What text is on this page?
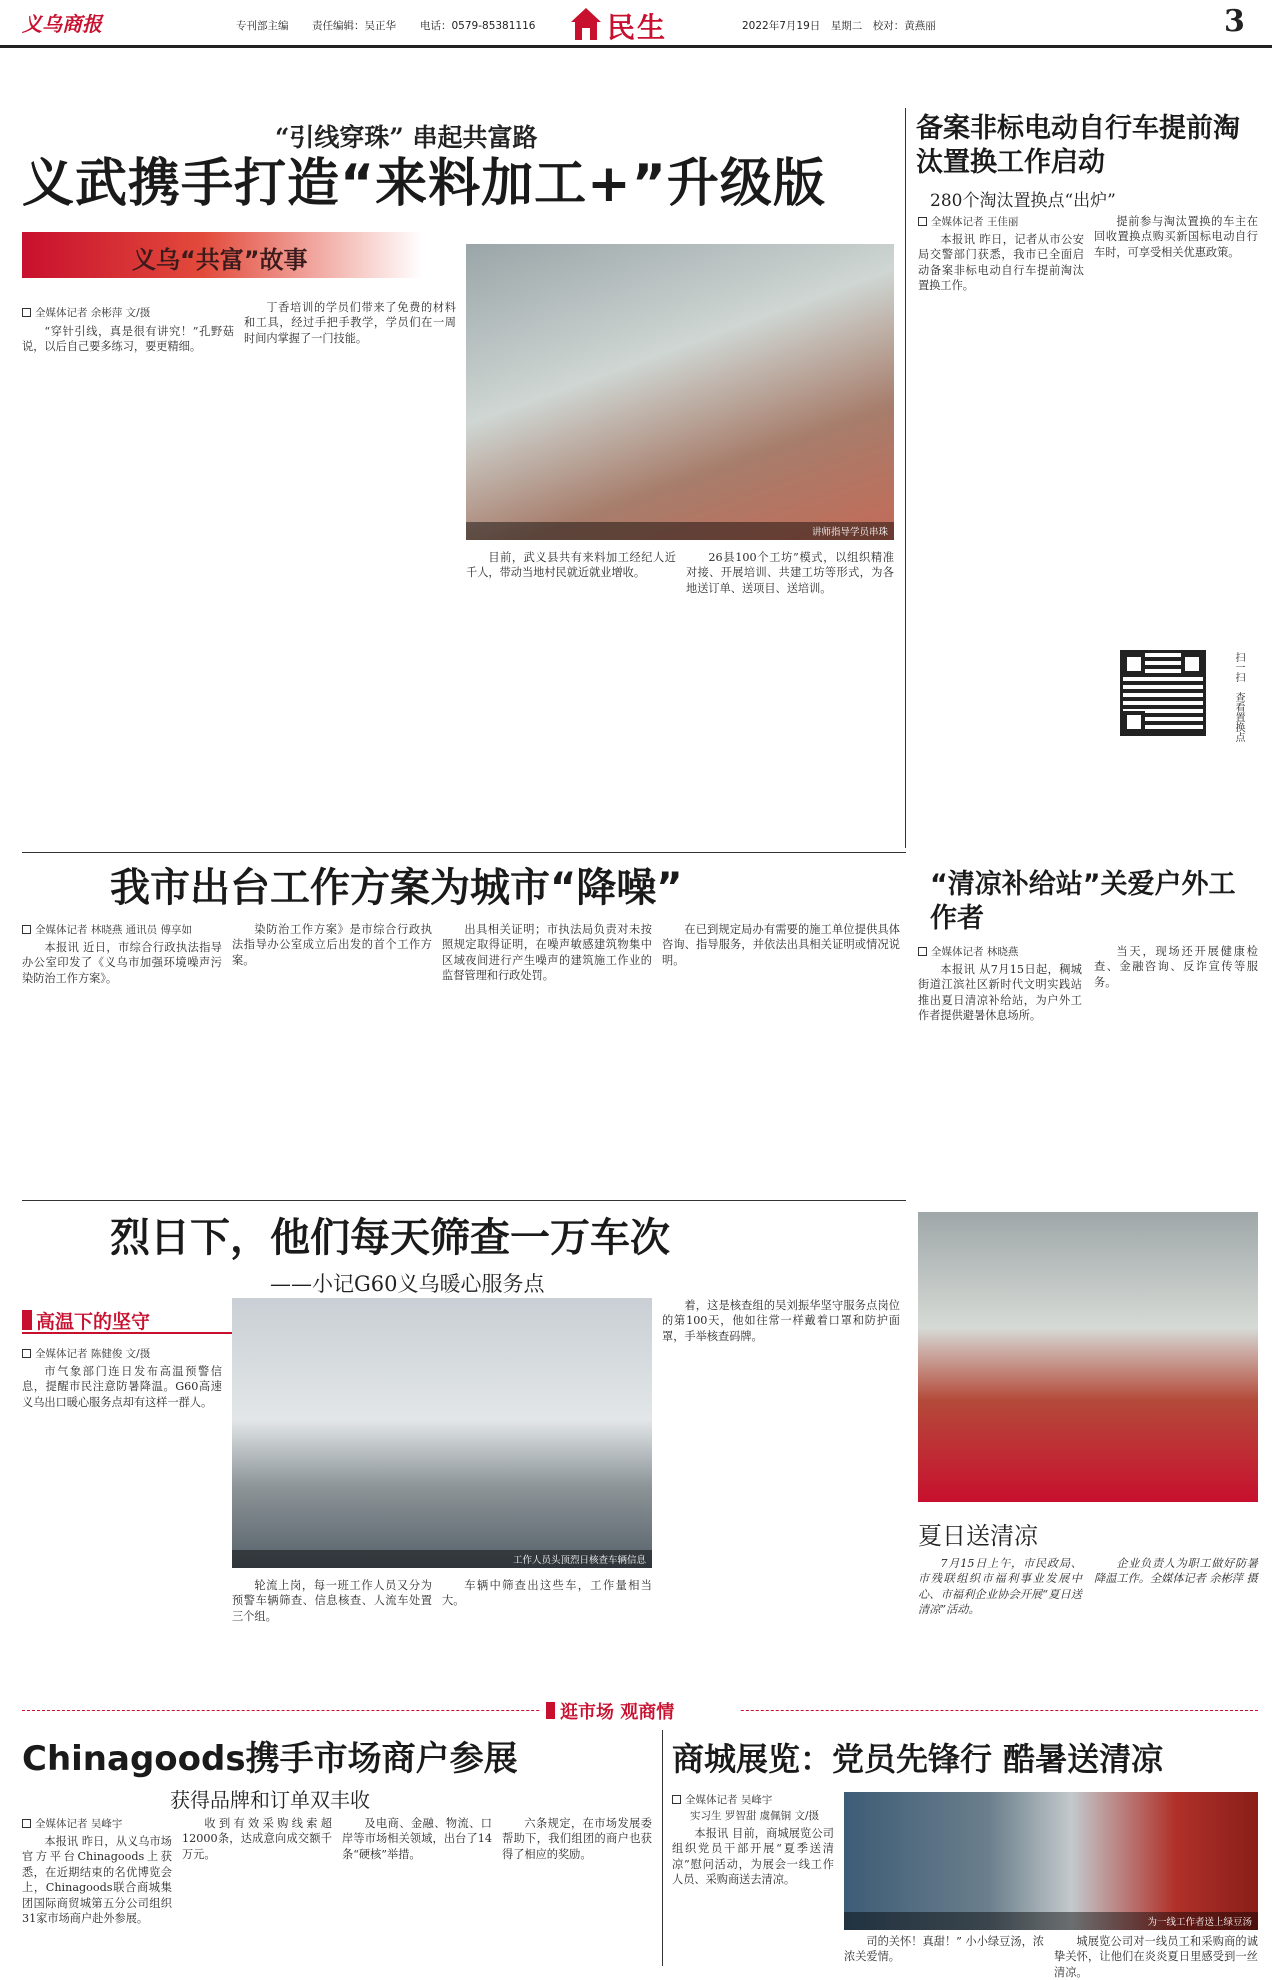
义乌商报	专刊部主编 责任编辑：吴正华 电话：0579-85381116	民生	2022年7月19日　星期二　校对：黄燕丽	3
“引线穿珠” 串起共富路
义武携手打造“来料加工+”升级版
义乌“共富”故事
全媒体记者 余彬萍 文/摄

“穿针引线，真是很有讲究！”孔野菇说，以后自己要多练习，要更精细。

丁香培训的学员们带来了免费的材料和工具，经过手把手教学，学员们在一周时间内掌握了一门技能。

讲师指导学员串珠

目前，武义县共有来料加工经纪人近千人，带动当地村民就近就业增收。

26县100个工坊”模式，以组织精准对接、开展培训、共建工坊等形式，为各地送订单、送项目、送培训。

备案非标电动自行车提前淘汰置换工作启动
280个淘汰置换点“出炉”
全媒体记者 王佳丽

本报讯 昨日，记者从市公安局交警部门获悉，我市已全面启动备案非标电动自行车提前淘汰置换工作。

提前参与淘汰置换的车主在回收置换点购买新国标电动自行车时，可享受相关优惠政策。

扫一扫　查看置换点
我市出台工作方案为城市“降噪”
全媒体记者 林晓燕 通讯员 傅享如

本报讯 近日，市综合行政执法指导办公室印发了《义乌市加强环境噪声污染防治工作方案》。

染防治工作方案》是市综合行政执法指导办公室成立后出发的首个工作方案。

出具相关证明；市执法局负责对未按照规定取得证明，在噪声敏感建筑物集中区域夜间进行产生噪声的建筑施工作业的监督管理和行政处罚。

在已到规定局办有需要的施工单位提供具体咨询、指导服务，并依法出具相关证明或情况说明。

“清凉补给站”关爱户外工作者
全媒体记者 林晓燕

本报讯 从7月15日起，稠城街道江滨社区新时代文明实践站推出夏日清凉补给站，为户外工作者提供避暑休息场所。

当天，现场还开展健康检查、金融咨询、反诈宣传等服务。

烈日下，他们每天筛查一万车次
——小记G60义乌暖心服务点
高温下的坚守
全媒体记者 陈健俊 文/摄

市气象部门连日发布高温预警信息，提醒市民注意防暑降温。G60高速义乌出口暖心服务点却有这样一群人。

工作人员头顶烈日核查车辆信息

轮流上岗，每一班工作人员又分为预警车辆筛查、信息核查、人流车处置三个组。

车辆中筛查出这些车，工作量相当大。

着，这是核查组的吴刘振华坚守服务点岗位的第100天，他如往常一样戴着口罩和防护面罩，手举核查码牌。

夏日送清凉

7月15日上午，市民政局、市残联组织市福利事业发展中心、市福利企业协会开展“夏日送清凉”活动。

企业负责人为职工做好防暑降温工作。全媒体记者 余彬萍 摄

逛市场 观商情
Chinagoods携手市场商户参展
获得品牌和订单双丰收
全媒体记者 吴峰宇

本报讯 昨日，从义乌市场官方平台Chinagoods上获悉，在近期结束的名优博览会上，Chinagoods联合商城集团国际商贸城第五分公司组织31家市场商户赴外参展。

收到有效采购线索超12000条，达成意向成交额千万元。

及电商、金融、物流、口岸等市场相关领域，出台了14条“硬核”举措。

六条规定，在市场发展委帮助下，我们组团的商户也获得了相应的奖励。

商城展览：党员先锋行 酷暑送清凉
全媒体记者 吴峰宇
实习生 罗智甜 虞佩铜 文/摄

本报讯 目前，商城展览公司组织党员干部开展“夏季送清凉”慰问活动，为展会一线工作人员、采购商送去清凉。

为一线工作者送上绿豆汤

司的关怀！真甜！” 小小绿豆汤，浓浓关爱情。

城展览公司对一线员工和采购商的诚挚关怀，让他们在炎炎夏日里感受到一丝清凉。
